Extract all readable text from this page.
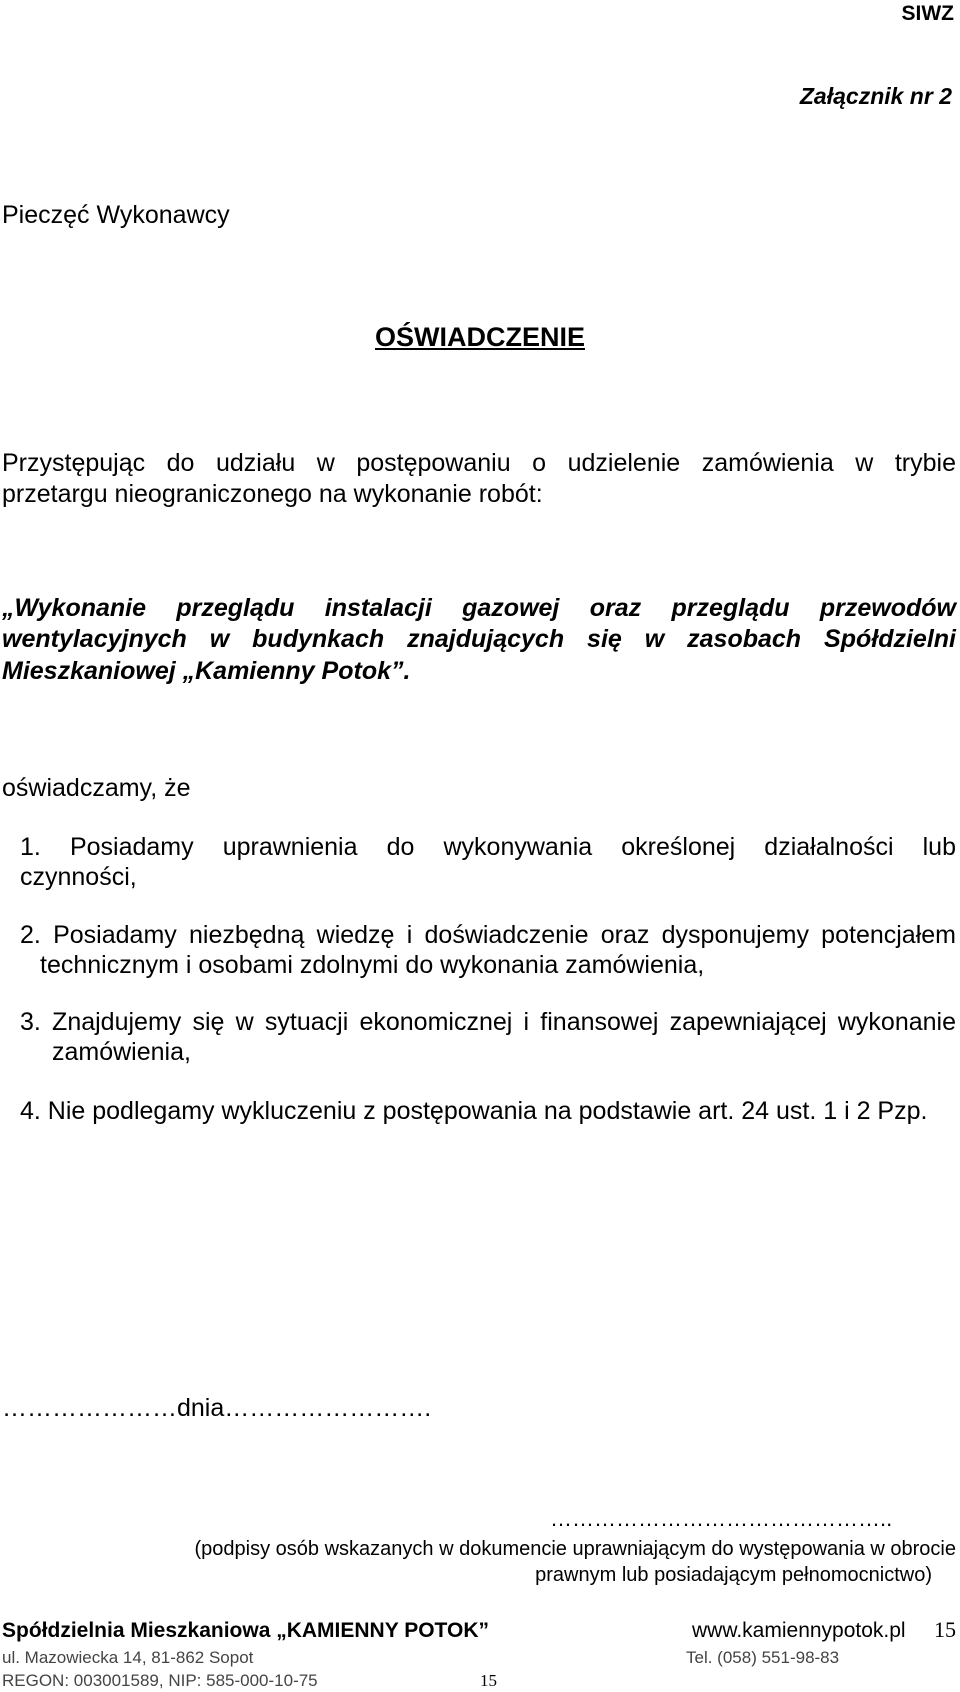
SIWZ
Załącznik nr 2
Pieczęć Wykonawcy
OŚWIADCZENIE
Przystępując do udziału w postępowaniu o udzielenie zamówienia w trybie
przetargu nieograniczonego na wykonanie robót:
„Wykonanie przeglądu instalacji gazowej oraz przeglądu przewodów
wentylacyjnych w budynkach znajdujących się w zasobach Spółdzielni
Mieszkaniowej „Kamienny Potok”.
oświadczamy, że
1. Posiadamy uprawnienia do wykonywania określonej działalności lub
czynności,
2. Posiadamy niezbędną wiedzę i doświadczenie oraz dysponujemy potencjałem
technicznym i osobami zdolnymi do wykonania zamówienia,
3. Znajdujemy się w sytuacji ekonomicznej i finansowej zapewniającej wykonanie
zamówienia,
4. Nie podlegamy wykluczeniu z postępowania na podstawie art. 24 ust. 1 i 2 Pzp.
…………………dnia…………………….
………………………………………..
(podpisy osób wskazanych w dokumencie uprawniającym do występowania w obrocie
prawnym lub posiadającym pełnomocnictwo)
Spółdzielnia Mieszkaniowa „KAMIENNY POTOK”	www.kamiennypotok.pl 15
ul. Mazowiecka 14, 81-862 Sopot	Tel. (058) 551-98-83
REGON: 003001589, NIP: 585-000-10-75	15
